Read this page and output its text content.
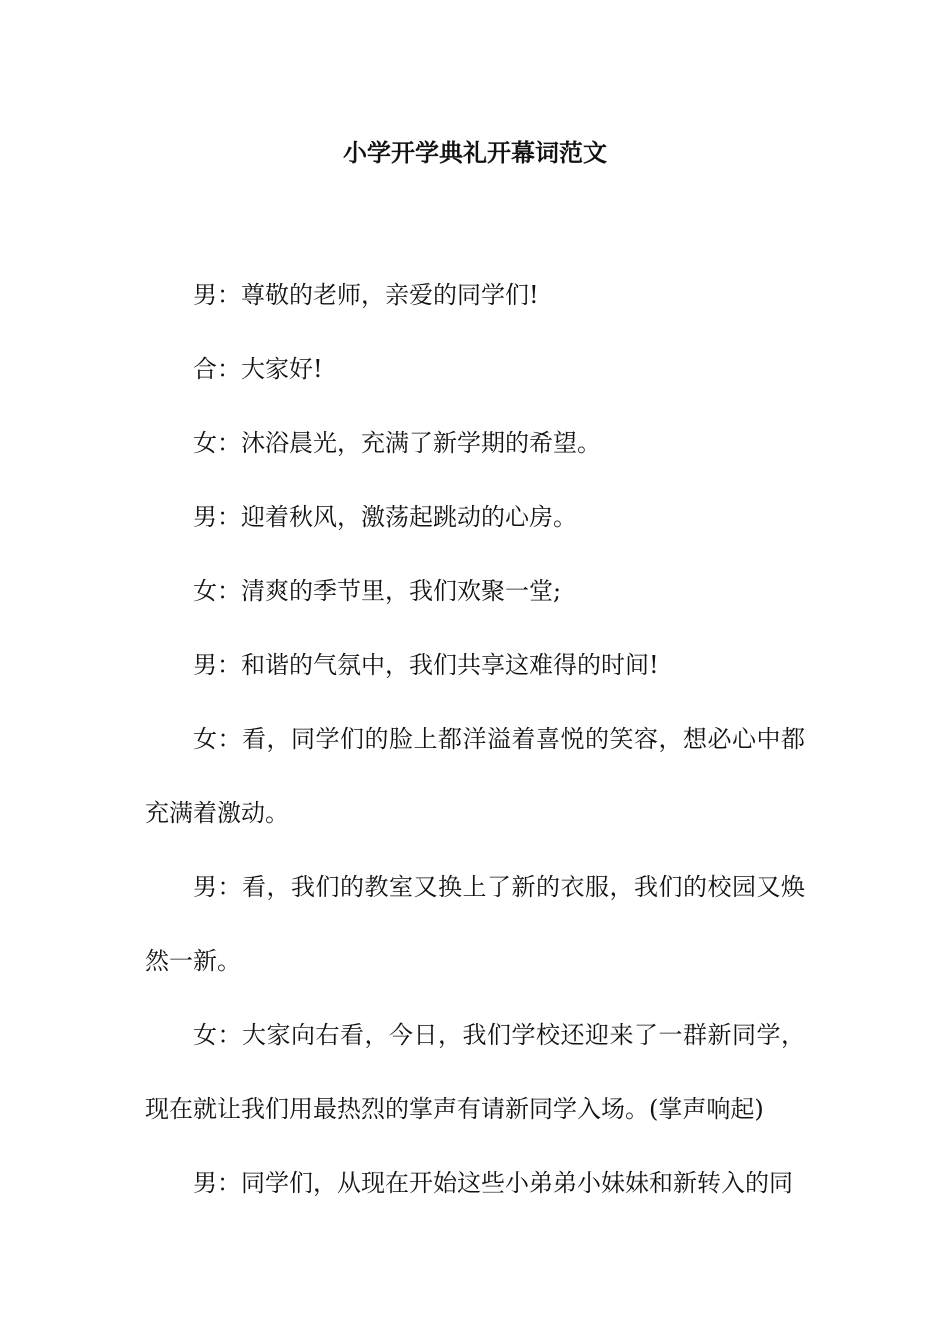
小学开学典礼开幕词范文

男：尊敬的老师，亲爱的同学们!

合：大家好!

女：沐浴晨光，充满了新学期的希望。

男：迎着秋风，激荡起跳动的心房。

女：清爽的季节里，我们欢聚一堂;

男：和谐的气氛中，我们共享这难得的时间!

女：看，同学们的脸上都洋溢着喜悦的笑容，想必心中都充满着激动。

男：看，我们的教室又换上了新的衣服，我们的校园又焕然一新。

女：大家向右看，今日，我们学校还迎来了一群新同学，现在就让我们用最热烈的掌声有请新同学入场。(掌声响起)

男：同学们，从现在开始这些小弟弟小妹妹和新转入的同
